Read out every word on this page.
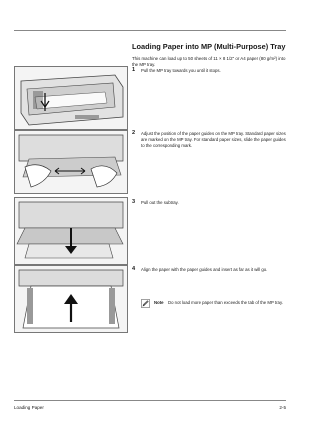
Loading Paper into MP (Multi-Purpose) Tray
This machine can load up to 50 sheets of 11 × 8 1/2" or A4 paper (80 g/m²) into the MP tray.
1 Pull the MP tray towards you until it stops.
2 Adjust the position of the paper guides on the MP tray. Standard paper sizes are marked on the MP tray. For standard paper sizes, slide the paper guides to the corresponding mark.
3 Pull out the subtray.
4 Align the paper with the paper guides and insert as far as it will go.
Note Do not load more paper than exceeds the tab of the MP tray.
Loading Paper	2-5
